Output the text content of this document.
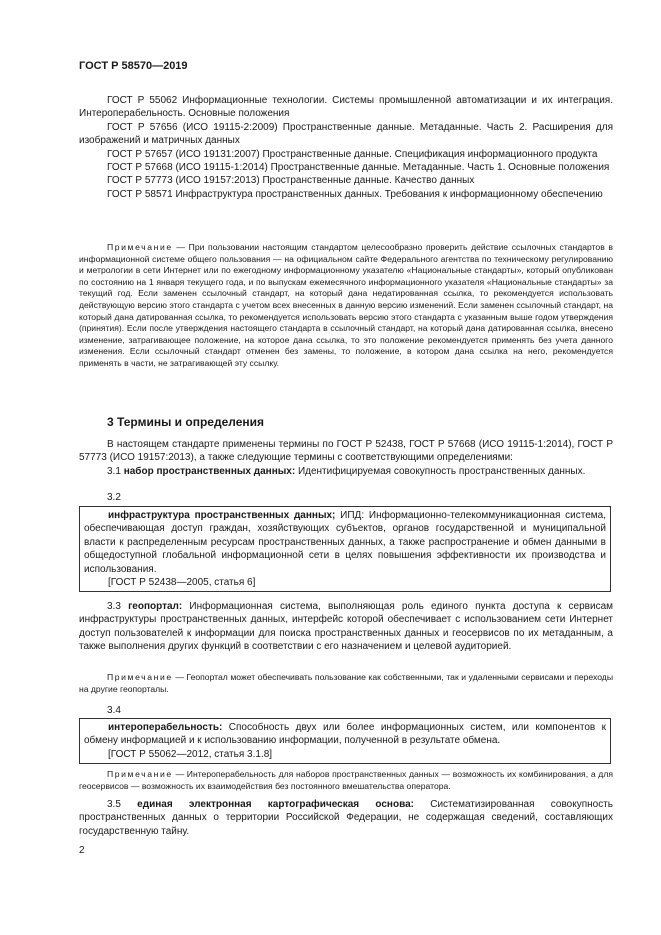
ГОСТ Р 58570—2019

ГОСТ Р 55062 Информационные технологии. Системы промышленной автоматизации и их интеграция. Интероперабельность. Основные положения

ГОСТ Р 57656 (ИСО 19115-2:2009) Пространственные данные. Метаданные. Часть 2. Расширения для изображений и матричных данных

ГОСТ Р 57657 (ИСО 19131:2007) Пространственные данные. Спецификация информационного продукта

ГОСТ Р 57668 (ИСО 19115-1:2014) Пространственные данные. Метаданные. Часть 1. Основные положения

ГОСТ Р 57773 (ИСО 19157:2013) Пространственные данные. Качество данных

ГОСТ Р 58571 Инфраструктура пространственных данных. Требования к информационному обеспечению

Примечание — При пользовании настоящим стандартом целесообразно проверить действие ссылочных стандартов в информационной системе общего пользования — на официальном сайте Федерального агентства по техническому регулированию и метрологии в сети Интернет или по ежегодному информационному указателю «Национальные стандарты», который опубликован по состоянию на 1 января текущего года, и по выпускам ежемесячного информационного указателя «Национальные стандарты» за текущий год. Если заменен ссылочный стандарт, на который дана недатированная ссылка, то рекомендуется использовать действующую версию этого стандарта с учетом всех внесенных в данную версию изменений. Если заменен ссылочный стандарт, на который дана датированная ссылка, то рекомендуется использовать версию этого стандарта с указанным выше годом утверждения (принятия). Если после утверждения настоящего стандарта в ссылочный стандарт, на который дана датированная ссылка, внесено изменение, затрагивающее положение, на которое дана ссылка, то это положение рекомендуется применять без учета данного изменения. Если ссылочный стандарт отменен без замены, то положение, в котором дана ссылка на него, рекомендуется применять в части, не затрагивающей эту ссылку.

3 Термины и определения

В настоящем стандарте применены термины по ГОСТ Р 52438, ГОСТ Р 57668 (ИСО 19115-1:2014), ГОСТ Р 57773 (ИСО 19157:2013), а также следующие термины с соответствующими определениями:

3.1 набор пространственных данных: Идентифицируемая совокупность пространственных данных.

3.2

инфраструктура пространственных данных; ИПД: Информационно-телекоммуникационная система, обеспечивающая доступ граждан, хозяйствующих субъектов, органов государственной и муниципальной власти к распределенным ресурсам пространственных данных, а также распространение и обмен данными в общедоступной глобальной информационной сети в целях повышения эффективности их производства и использования.

[ГОСТ Р 52438—2005, статья 6]

3.3 геопортал: Информационная система, выполняющая роль единого пункта доступа к сервисам инфраструктуры пространственных данных, интерфейс которой обеспечивает с использованием сети Интернет доступ пользователей к информации для поиска пространственных данных и геосервисов по их метаданным, а также выполнения других функций в соответствии с его назначением и целевой аудиторией.

Примечание — Геопортал может обеспечивать пользование как собственными, так и удаленными сервисами и переходы на другие геопорталы.

3.4

интероперабельность: Способность двух или более информационных систем, или компонентов к обмену информацией и к использованию информации, полученной в результате обмена.

[ГОСТ Р 55062—2012, статья 3.1.8]

Примечание — Интероперабельность для наборов пространственных данных — возможность их комбинирования, а для геосервисов — возможность их взаимодействия без постоянного вмешательства оператора.

3.5 единая электронная картографическая основа: Систематизированная совокупность пространственных данных о территории Российской Федерации, не содержащая сведений, составляющих государственную тайну.

2
